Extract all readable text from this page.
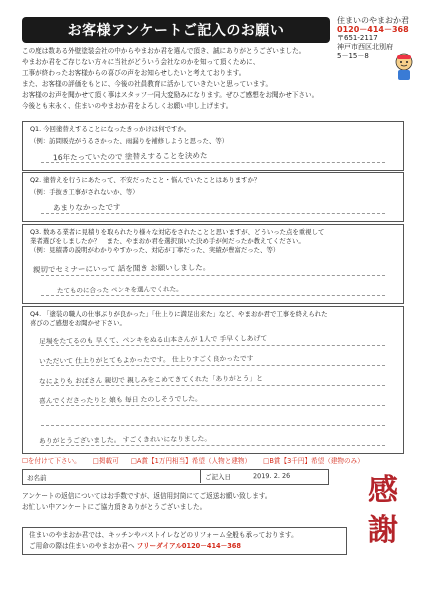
お客様アンケートご記入のお願い
住まいのやまおか君
0120－414－368
〒651-2117
神戸市西区北別府
5－15－8
この度は数ある外壁塗装会社の中からやまおか君を選んで頂き、誠にありがとうございました。
やまおか君をご存じない方々に当社がどういう会社なのかを知って頂くために、
工事が終わったお客様からの喜びの声をお知らせしたいと考えております。
また、お客様の評価をもとに、今後の社員教育に活かしていきたいと思っています。
お客様のお声を聞かせて頂く事はスタッフ一同大変励みになります。ぜひご感想をお聞かせ下さい。
今後とも末永く、住まいのやまおか君をよろしくお願い申し上げます。
Q1. 今回塗替えすることになったきっかけは何ですか。
（例：訪問販売がうるさかった、雨漏りを補修しようと思った、等）
16年たっていたので 塗替えすることを決めた
Q2. 塗替えを行うにあたって、不安だったこと・悩んでいたことはありますか？
（例：手抜き工事がされないか、等）
あまりなかったです
Q3. 数ある業者に見積りを取られたり様々な対応をされたことと思いますが、どういった点を重視して
業者選びをしましたか？　また、やまおか君を選択頂いた決め手が何だったか教えてください。
（例：見積書の説明がわかりやすかった、対応が丁寧だった、実績が豊富だった、等）
親切でセミナーにいって 話を聞き お願いしました。
たてものに合った ペンキを選んでくれた。
Q4. 「塗装の職人の仕事ぶりが良かった」「仕上りに満足出来た」など、やまおか君で工事を終えられた
喜びのご感想をお聞かせ下さい。
足場をたてるのも 早くて、ペンキをぬる山本さんが 1人で 手早くしあげて
いただいて 仕上りがとてもよかったです。 仕上りすごく良かったです
なによりも おばさん 親切で 親しみをこめてきてくれた「ありがとう」と
喜んでくださったりと 娘も 毎日 たのしそうでした。
ありがとうございました。 すごくきれいになりました。
☐を付けて下さい。 □掲載可 □A賞【1万円相当】希望（人物と建物） □B賞【3千円】希望（建物のみ）
お名前	ご記入日	2019. 2. 26
アンケートの返信についてはお手数ですが、返信用封筒にてご返送お願い致します。
お忙しい中アンケートにご協力頂きありがとうございました。
住まいのやまおか君では、キッチンやバストイレなどのリフォーム全般も承っております。
ご用命の際は住まいのやまおか君へ フリーダイアル0120－414－368
感
謝
